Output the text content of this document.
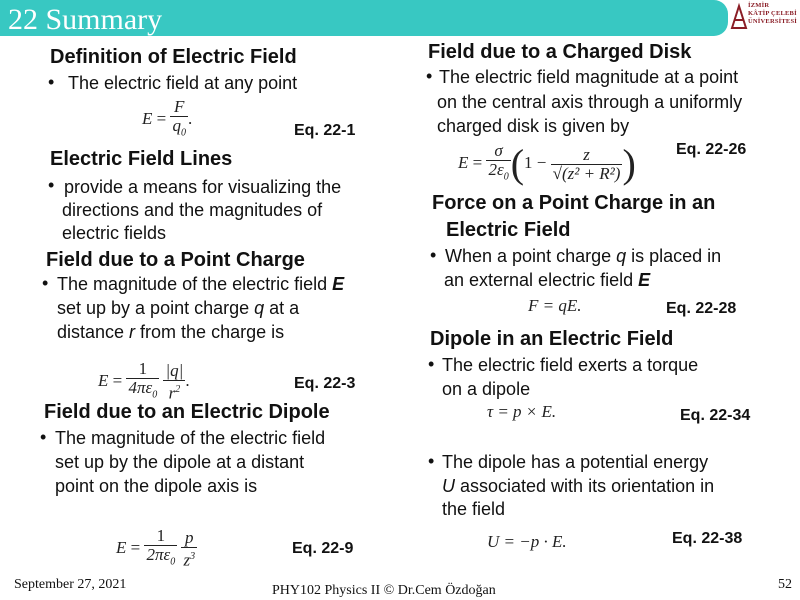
22 Summary	İZMİR
KÂTİP ÇELEBİ
ÜNİVERSİTESİ
Definition of Electric Field
• The electric field at any point
$E = \frac{F}{q_0}$ .
Eq. 22-1
Electric Field Lines
• provide a means for visualizing the
directions and the magnitudes of
electric fields
Field due to a Point Charge
• The magnitude of the electric field E
set up by a point charge q at a
distance r from the charge is
$E = \frac{1}{4\pi\varepsilon_0}$
$\frac{|q|}{r^2}$ .	Eq. 22-3
Field due to an Electric Dipole
• The magnitude of the electric field
set up by the dipole at a distant
point on the dipole axis is
$E = \frac{1}{2\pi\varepsilon_0}$
$\frac{p}{z^3}$	Eq. 22-9
Field due to a Charged Disk
• The electric field magnitude at a point
on the central axis through a uniformly
charged disk is given by
$E = \frac{\sigma}{2\varepsilon_0} (1 - \frac{z}{\text{√(z² + R²)}}$ )	Eq. 22-26
Force on a Point Charge in an
Electric Field
• When a point charge q is placed in
an external electric field E
F = qE.	Eq. 22-28
Dipole in an Electric Field
• The electric field exerts a torque
on a dipole
τ = p × E.	Eq. 22-34
• The dipole has a potential energy
U associated with its orientation in
the field
U = −p · E.	Eq. 22-38
September 27, 2021	PHY102 Physics II © Dr.Cem Özdoğan	52
